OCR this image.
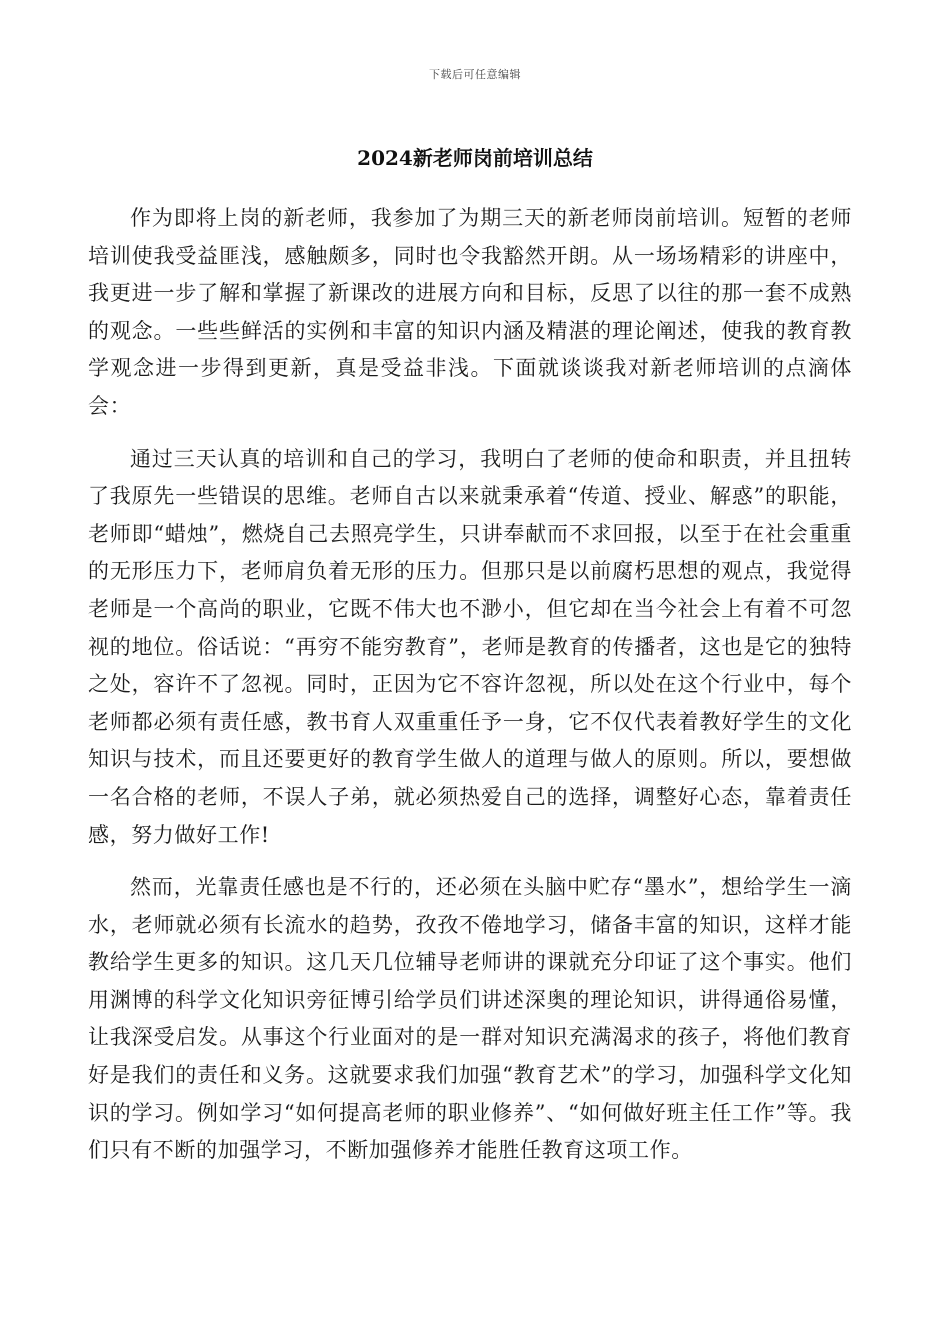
下载后可任意编辑
2024新老师岗前培训总结

作为即将上岗的新老师，我参加了为期三天的新老师岗前培训。短暂的老师培训使我受益匪浅，感触颇多，同时也令我豁然开朗。从一场场精彩的讲座中，我更进一步了解和掌握了新课改的进展方向和目标，反思了以往的那一套不成熟的观念。一些些鲜活的实例和丰富的知识内涵及精湛的理论阐述，使我的教育教学观念进一步得到更新，真是受益非浅。下面就谈谈我对新老师培训的点滴体会：

通过三天认真的培训和自己的学习，我明白了老师的使命和职责，并且扭转了我原先一些错误的思维。老师自古以来就秉承着“传道、授业、解惑”的职能，老师即“蜡烛”，燃烧自己去照亮学生，只讲奉献而不求回报，以至于在社会重重的无形压力下，老师肩负着无形的压力。但那只是以前腐朽思想的观点，我觉得老师是一个高尚的职业，它既不伟大也不渺小，但它却在当今社会上有着不可忽视的地位。俗话说：“再穷不能穷教育”，老师是教育的传播者，这也是它的独特之处，容许不了忽视。同时，正因为它不容许忽视，所以处在这个行业中，每个老师都必须有责任感，教书育人双重重任予一身，它不仅代表着教好学生的文化知识与技术，而且还要更好的教育学生做人的道理与做人的原则。所以，要想做一名合格的老师，不误人子弟，就必须热爱自己的选择，调整好心态，靠着责任感，努力做好工作!

然而，光靠责任感也是不行的，还必须在头脑中贮存“墨水”，想给学生一滴水，老师就必须有长流水的趋势，孜孜不倦地学习，储备丰富的知识，这样才能教给学生更多的知识。这几天几位辅导老师讲的课就充分印证了这个事实。他们用渊博的科学文化知识旁征博引给学员们讲述深奥的理论知识，讲得通俗易懂，让我深受启发。从事这个行业面对的是一群对知识充满渴求的孩子，将他们教育好是我们的责任和义务。这就要求我们加强“教育艺术”的学习，加强科学文化知识的学习。例如学习“如何提高老师的职业修养”、“如何做好班主任工作”等。我们只有不断的加强学习，不断加强修养才能胜任教育这项工作。
